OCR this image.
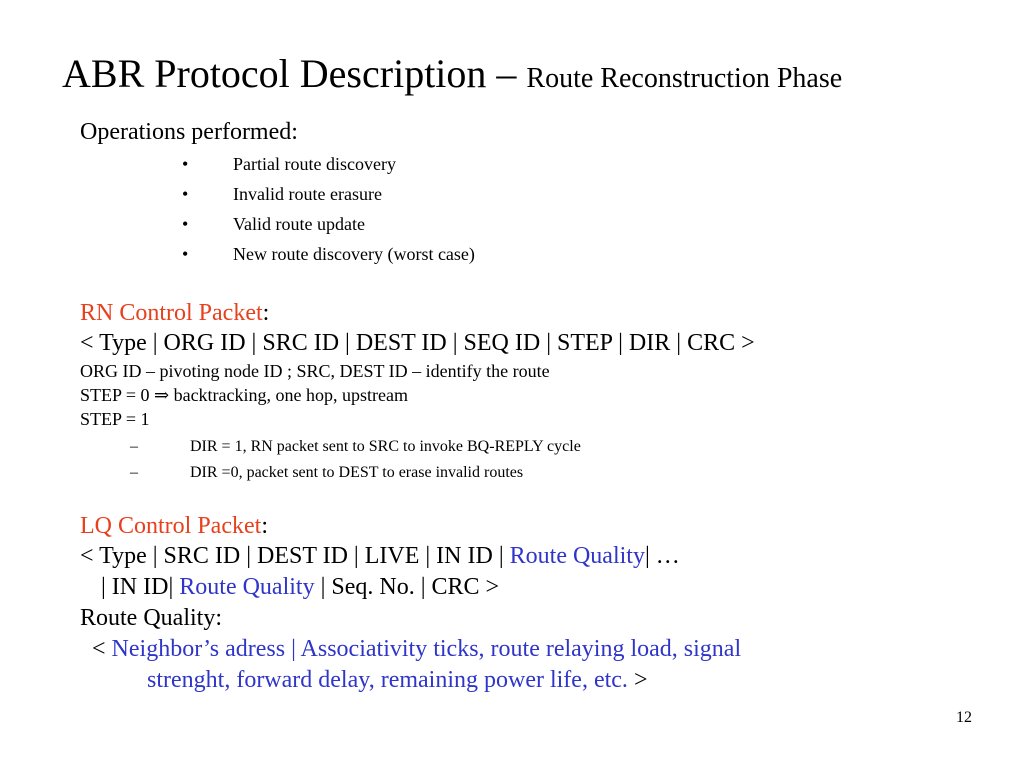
ABR Protocol Description – Route Reconstruction Phase
Operations performed:
• Partial route discovery
• Invalid route erasure
• Valid route update
• New route discovery (worst case)
RN Control Packet:
< Type | ORG ID | SRC ID | DEST ID | SEQ ID | STEP | DIR | CRC >
ORG ID – pivoting node ID ; SRC, DEST ID – identify the route
STEP = 0 ⇒ backtracking, one hop, upstream
STEP = 1
–	DIR = 1, RN packet sent to SRC to invoke BQ-REPLY cycle
–	DIR =0, packet sent to DEST to erase invalid routes
LQ Control Packet:
< Type | SRC ID | DEST ID | LIVE | IN ID | Route Quality| …
| IN ID| Route Quality | Seq. No. | CRC >
Route Quality:
< Neighbor’s adress | Associativity ticks, route relaying load, signal
strenght, forward delay, remaining power life, etc. >
12
